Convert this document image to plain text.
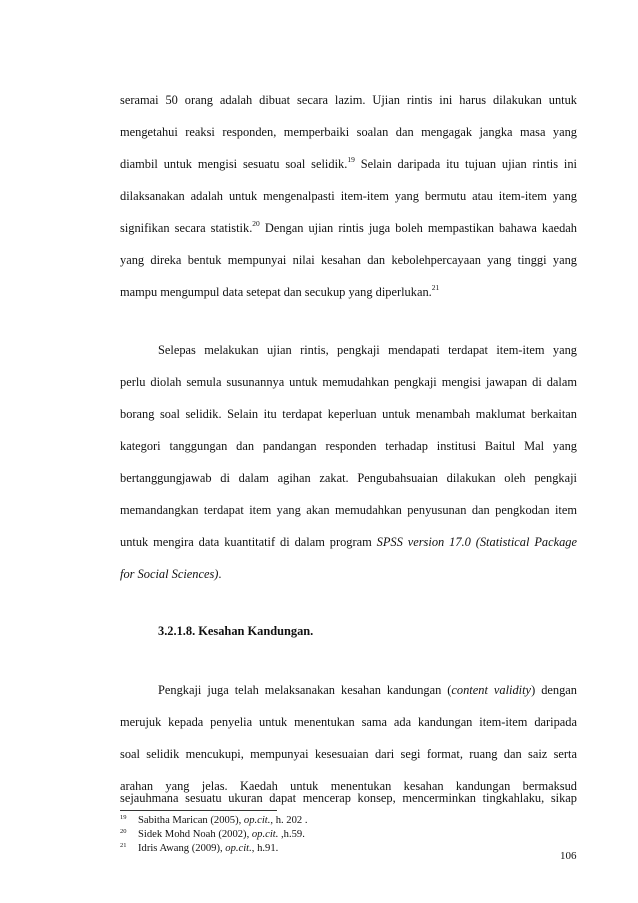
seramai 50 orang adalah dibuat secara lazim. Ujian rintis ini harus dilakukan untuk
mengetahui reaksi responden, memperbaiki soalan dan mengagak jangka masa yang
diambil untuk mengisi sesuatu soal selidik.$^{19}$ Selain daripada itu tujuan ujian rintis ini
dilaksanakan adalah untuk mengenalpasti item-item yang bermutu atau item-item yang
signifikan secara statistik.$^{20}$ Dengan ujian rintis juga boleh mempastikan bahawa kaedah
yang direka bentuk mempunyai nilai kesahan dan kebolehpercayaan yang tinggi yang
mampu mengumpul data setepat dan secukup yang diperlukan.$^{21}$
Selepas melakukan ujian rintis, pengkaji mendapati terdapat item-item yang
perlu diolah semula susunannya untuk memudahkan pengkaji mengisi jawapan di dalam
borang soal selidik. Selain itu terdapat keperluan untuk menambah maklumat berkaitan
kategori tanggungan dan pandangan responden terhadap institusi Baitul Mal yang
bertanggungjawab di dalam agihan zakat. Pengubahsuaian dilakukan oleh pengkaji
memandangkan terdapat item yang akan memudahkan penyusunan dan pengkodan item
untuk mengira data kuantitatif di dalam program SPSS version 17.0 (Statistical Package
for Social Sciences).
3.2.1.8. Kesahan Kandungan.
Pengkaji juga telah melaksanakan kesahan kandungan (content validity) dengan
merujuk kepada penyelia untuk menentukan sama ada kandungan item-item daripada
soal selidik mencukupi, mempunyai kesesuaian dari segi format, ruang dan saiz serta
arahan yang jelas. Kaedah untuk menentukan kesahan kandungan bermaksud
sejauhmana sesuatu ukuran dapat mencerap konsep, mencerminkan tingkahlaku, sikap
$^{19}$ Sabitha Marican (2005), op.cit., h. 202 .
$^{20}$ Sidek Mohd Noah (2002), op.cit. ,h.59.
$^{21}$ Idris Awang (2009), op.cit., h.91.
106
